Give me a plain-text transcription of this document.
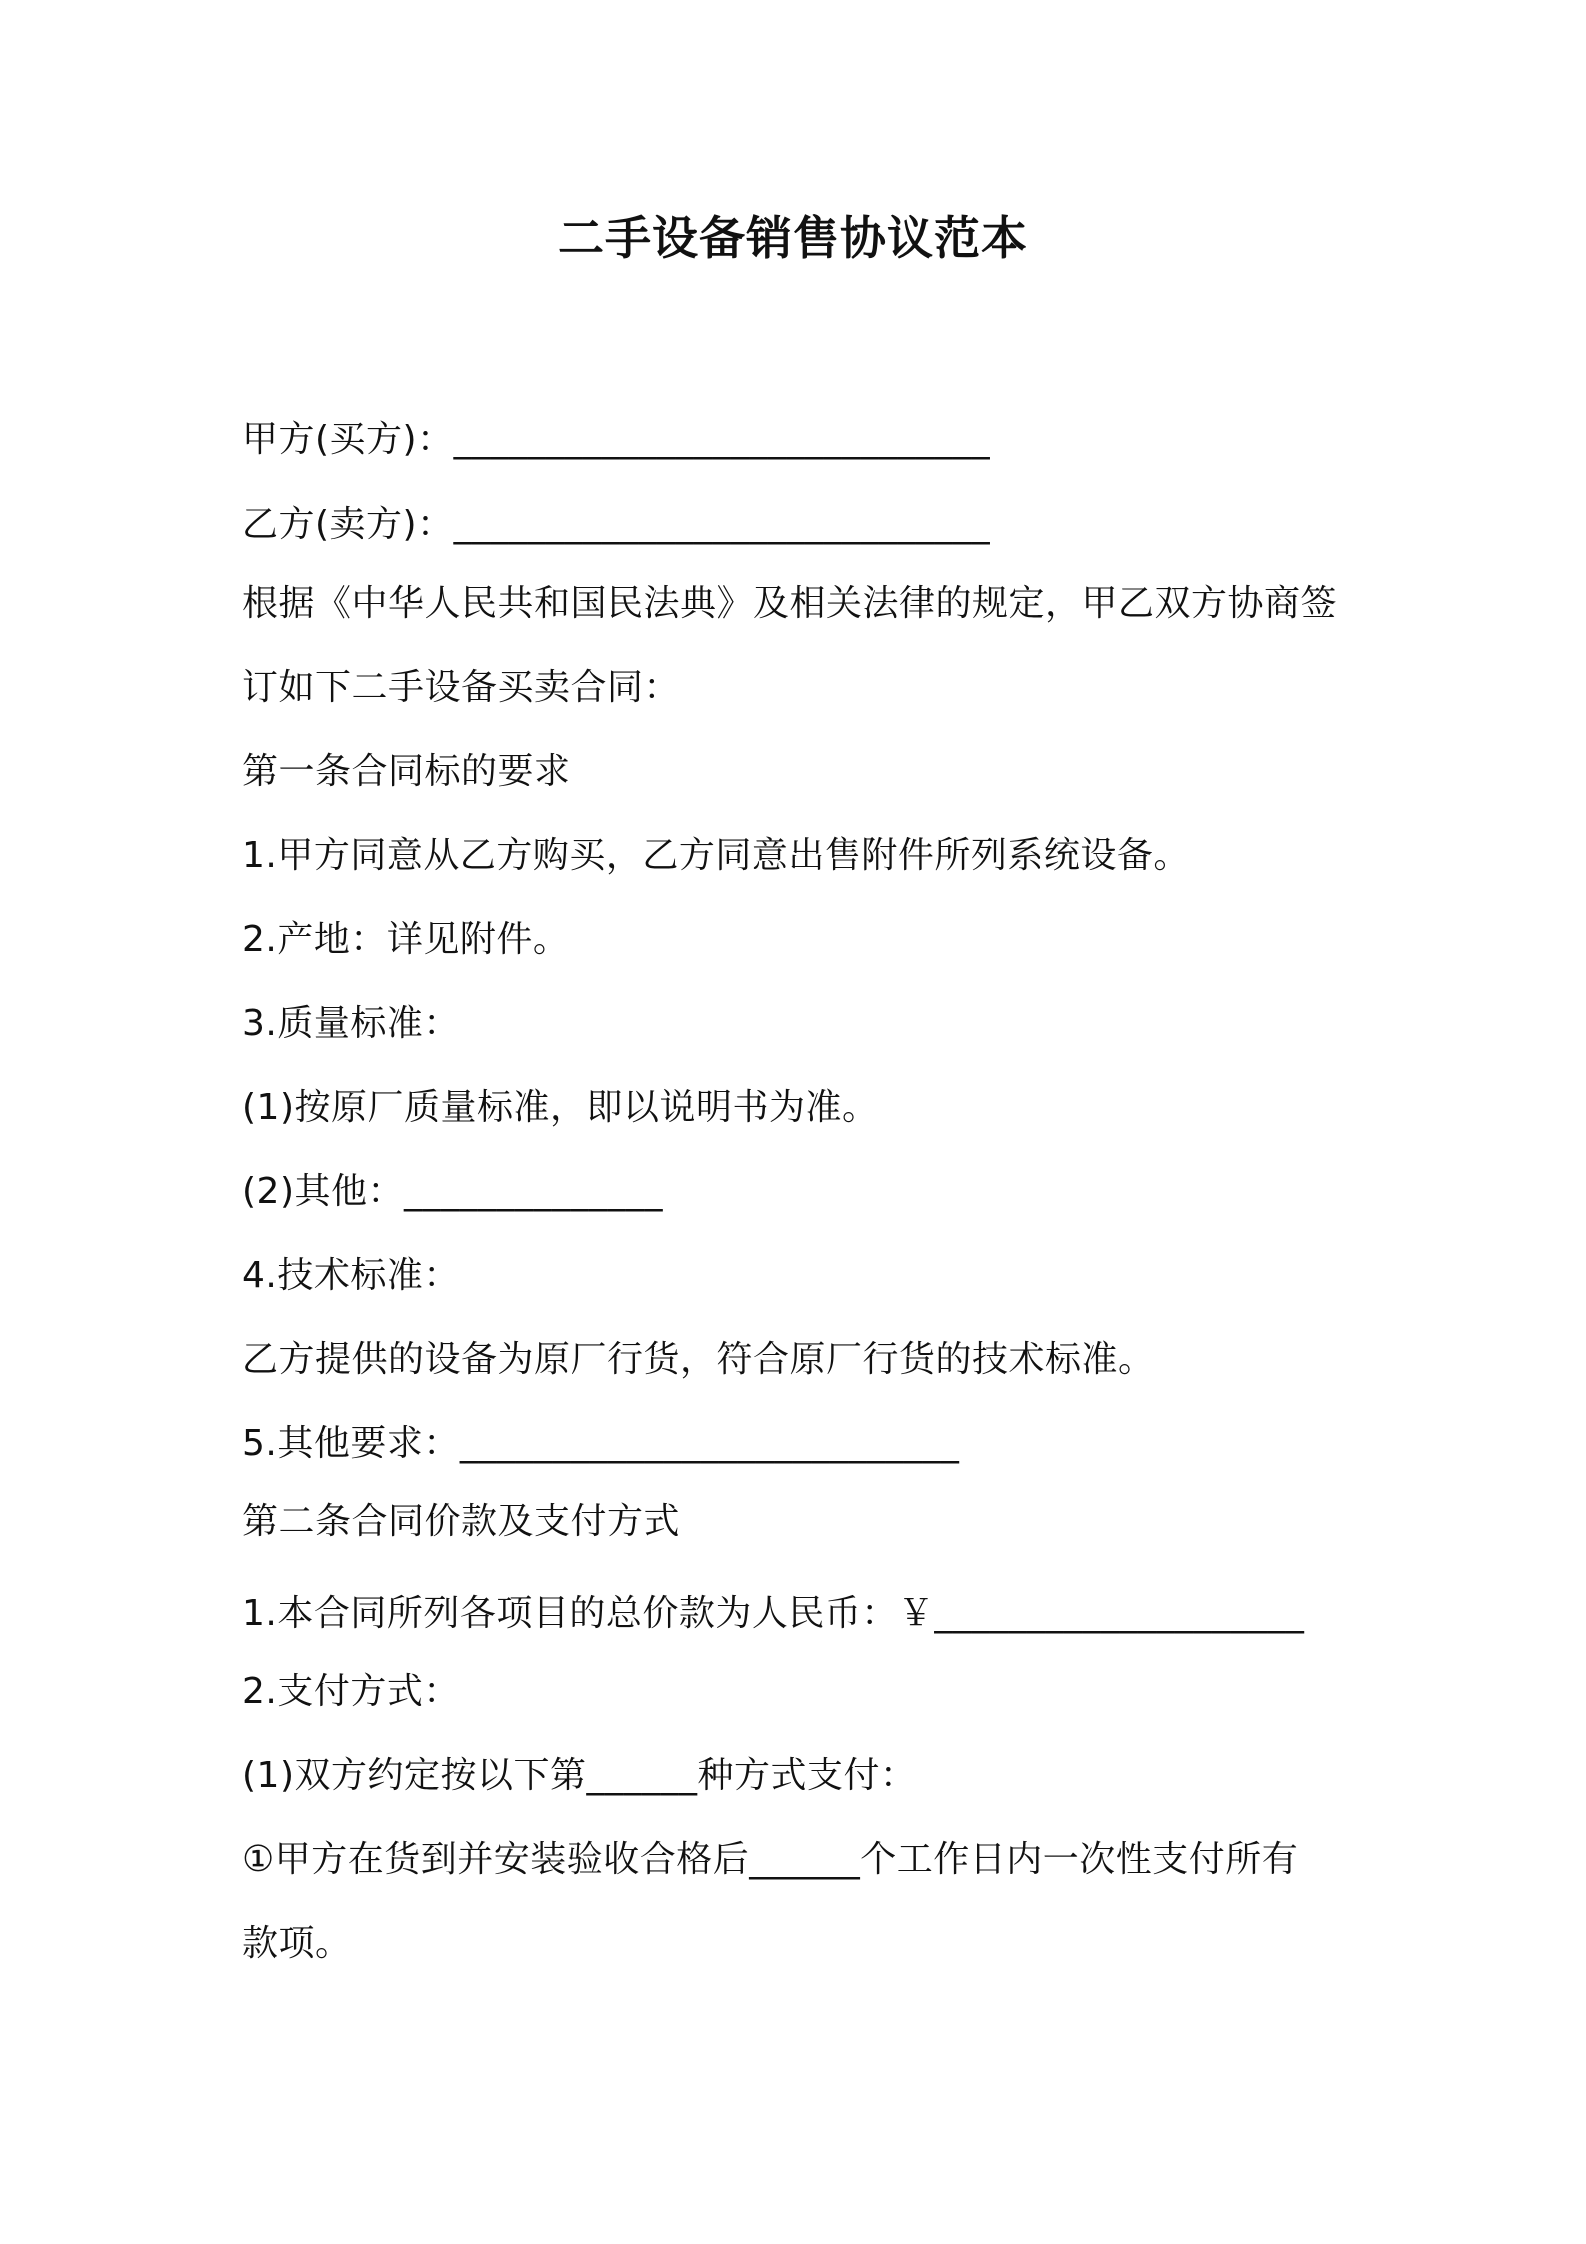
二手设备销售协议范本
甲方(买方)：_____________________________
乙方(卖方)：_____________________________
根据《中华人民共和国民法典》及相关法律的规定，甲乙双方协商签
订如下二手设备买卖合同：
第一条合同标的要求
1.甲方同意从乙方购买，乙方同意出售附件所列系统设备。
2.产地：详见附件。
3.质量标准：
(1)按原厂质量标准，即以说明书为准。
(2)其他：______________
4.技术标准：
乙方提供的设备为原厂行货，符合原厂行货的技术标准。
5.其他要求：___________________________
第二条合同价款及支付方式
1.本合同所列各项目的总价款为人民币：￥____________________
2.支付方式：
(1)双方约定按以下第______种方式支付：
①甲方在货到并安装验收合格后______个工作日内一次性支付所有
款项。
